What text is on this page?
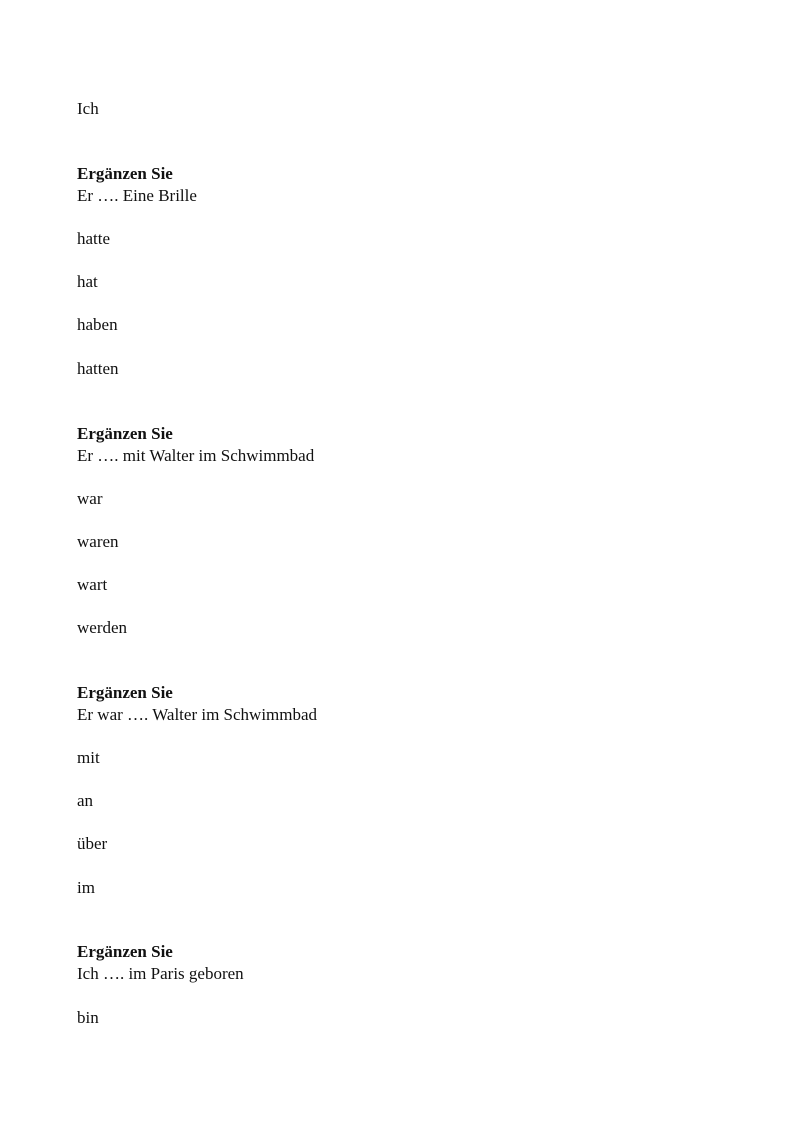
Ich
Ergänzen Sie
Er …. Eine Brille
hatte
hat
haben
hatten
Ergänzen Sie
Er …. mit Walter im Schwimmbad
war
waren
wart
werden
Ergänzen Sie
Er war …. Walter im Schwimmbad
mit
an
über
im
Ergänzen Sie
Ich …. im Paris geboren
bin
